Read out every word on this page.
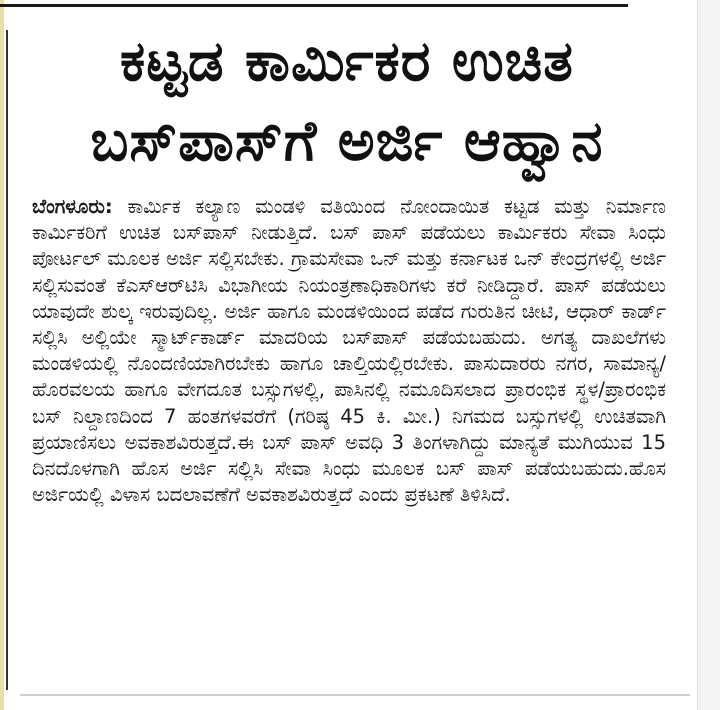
ಕಟ್ಟಡ ಕಾರ್ಮಿಕರ ಉಚಿತ
ಬಸ್‌ಪಾಸ್‌ಗೆ ಅರ್ಜಿ ಆಹ್ವಾನ

ಬೆಂಗಳೂರು: ಕಾರ್ಮಿಕ ಕಲ್ಯಾಣ ಮಂಡಳಿ ವತಿಯಿಂದ ನೋಂದಾಯಿತ ಕಟ್ಟಡ ಮತ್ತು ನಿರ್ಮಾಣ ಕಾರ್ಮಿಕರಿಗೆ ಉಚಿತ ಬಸ್‌ಪಾಸ್ ನೀಡುತ್ತಿದೆ. ಬಸ್ ಪಾಸ್ ಪಡೆಯಲು ಕಾರ್ಮಿಕರು ಸೇವಾ ಸಿಂಧು ಪೋರ್ಟಲ್ ಮೂಲಕ ಅರ್ಜಿ ಸಲ್ಲಿಸಬೇಕು. ಗ್ರಾಮಸೇವಾ ಒನ್ ಮತ್ತು ಕರ್ನಾಟಕ ಒನ್ ಕೇಂದ್ರಗಳಲ್ಲಿ ಅರ್ಜಿ ಸಲ್ಲಿಸುವಂತೆ ಕೆಎಸ್‌ಆರ್‌ಟಿಸಿ ವಿಭಾಗೀಯ ನಿಯಂತ್ರಣಾಧಿಕಾರಿಗಳು ಕರೆ ನೀಡಿದ್ದಾರೆ. ಪಾಸ್ ಪಡೆಯಲು ಯಾವುದೇ ಶುಲ್ಕ ಇರುವುದಿಲ್ಲ. ಅರ್ಜಿ ಹಾಗೂ ಮಂಡಳಿಯಿಂದ ಪಡೆದ ಗುರುತಿನ ಚೀಟಿ, ಆಧಾರ್ ಕಾರ್ಡ್ ಸಲ್ಲಿಸಿ ಅಲ್ಲಿಯೇ ಸ್ಮಾರ್ಟ್‌ಕಾರ್ಡ್ ಮಾದರಿಯ ಬಸ್‌ಪಾಸ್ ಪಡೆಯಬಹುದು. ಅಗತ್ಯ ದಾಖಲೆಗಳು ಮಂಡಳಿಯಲ್ಲಿ ನೊಂದಣಿಯಾಗಿರಬೇಕು ಹಾಗೂ ಚಾಲ್ತಿಯಲ್ಲಿರಬೇಕು. ಪಾಸುದಾರರು ನಗರ, ಸಾಮಾನ್ಯ/ಹೊರವಲಯ ಹಾಗೂ ವೇಗದೂತ ಬಸ್ಸುಗಳಲ್ಲಿ, ಪಾಸಿನಲ್ಲಿ ನಮೂದಿಸಲಾದ ಪ್ರಾರಂಭಿಕ ಸ್ಥಳ/ಪ್ರಾರಂಭಿಕ ಬಸ್ ನಿಲ್ದಾಣದಿಂದ 7 ಹಂತಗಳವರೆಗೆ (ಗರಿಷ್ಠ 45 ಕಿ. ಮೀ.) ನಿಗಮದ ಬಸ್ಸುಗಳಲ್ಲಿ ಉಚಿತವಾಗಿ ಪ್ರಯಾಣಿಸಲು ಅವಕಾಶವಿರುತ್ತದೆ.ಈ ಬಸ್ ಪಾಸ್ ಅವಧಿ 3 ತಿಂಗಳಾಗಿದ್ದು ಮಾನ್ಯತೆ ಮುಗಿಯುವ 15 ದಿನದೊಳಗಾಗಿ ಹೊಸ ಅರ್ಜಿ ಸಲ್ಲಿಸಿ ಸೇವಾ ಸಿಂಧು ಮೂಲಕ ಬಸ್ ಪಾಸ್ ಪಡೆಯಬಹುದು.ಹೊಸ ಅರ್ಜಿಯಲ್ಲಿ ವಿಳಾಸ ಬದಲಾವಣೆಗೆ ಅವಕಾಶವಿರುತ್ತದೆ ಎಂದು ಪ್ರಕಟಣೆ ತಿಳಿಸಿದೆ.
